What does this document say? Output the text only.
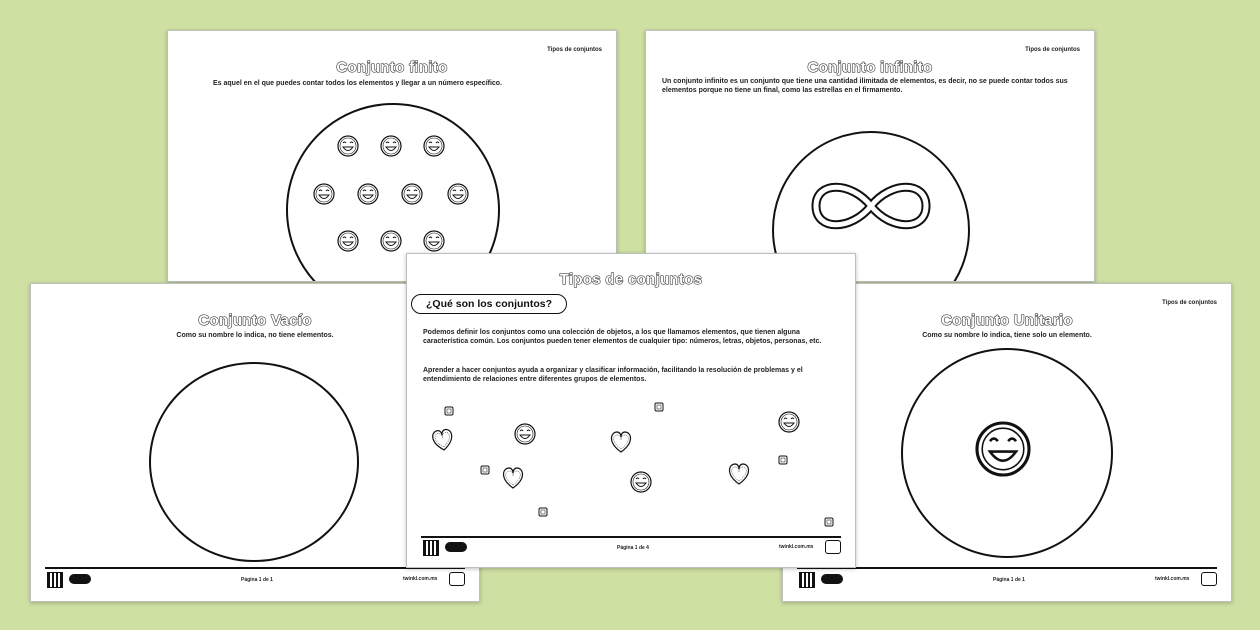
Conjunto finito
Tipos de conjuntos
Es aquel en el que puedes contar todos los elementos y llegar a un número específico.
Conjunto infinito
Tipos de conjuntos
Un conjunto infinito es un conjunto que tiene una cantidad ilimitada de elementos, es decir, no se puede contar todos sus elementos porque no tiene un final, como las estrellas en el firmamento.
Conjunto Vacío
Como su nombre lo indica, no tiene elementos.
Página 1 de 1	twinkl.com.mx
Conjunto Unitario
Tipos de conjuntos
Como su nombre lo indica, tiene solo un elemento.
Página 1 de 1	twinkl.com.mx
Tipos de conjuntos
¿Qué son los conjuntos?
Podemos definir los conjuntos como una colección de objetos, a los que llamamos elementos, que tienen alguna característica común. Los conjuntos pueden tener elementos de cualquier tipo: números, letras, objetos, personas, etc.
Aprender a hacer conjuntos ayuda a organizar y clasificar información, facilitando la resolución de problemas y el entendimiento de relaciones entre diferentes grupos de elementos.
Página 1 de 4	twinkl.com.mx
